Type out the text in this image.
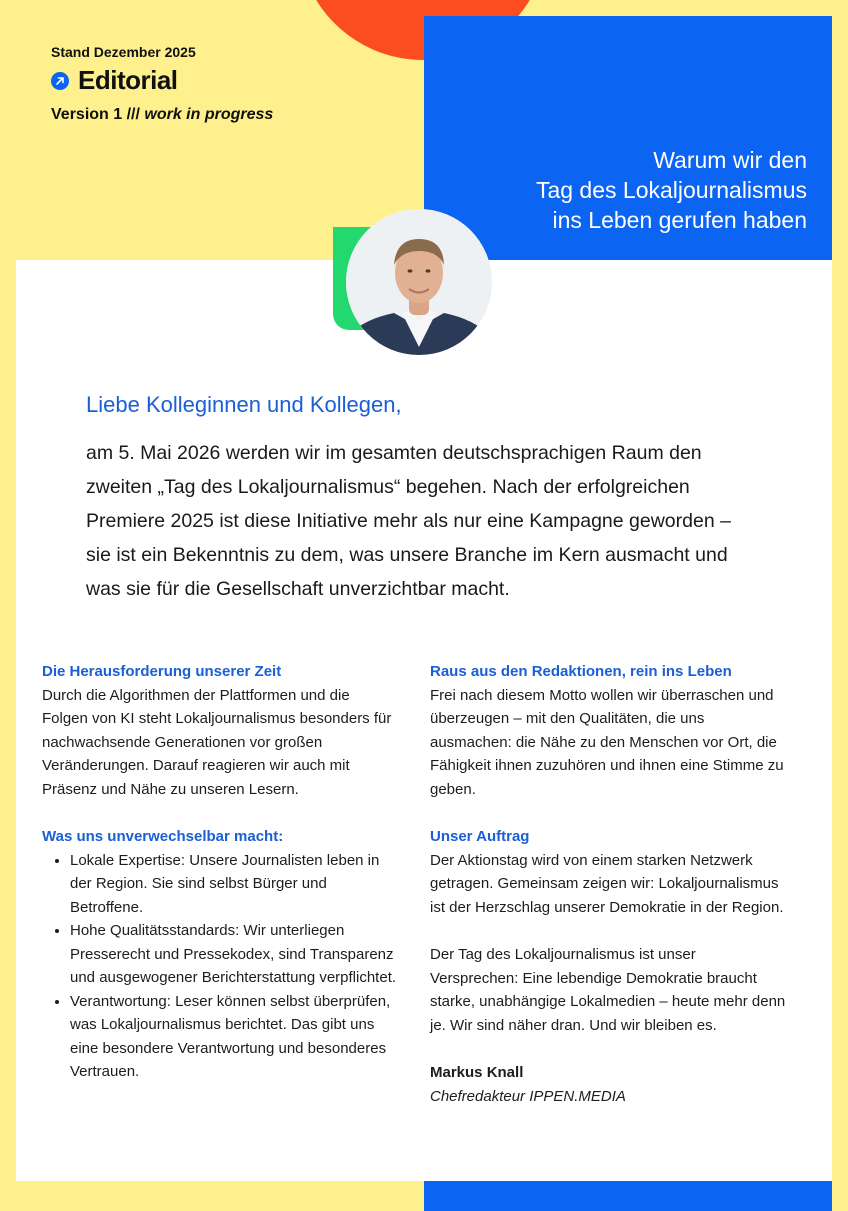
Stand Dezember 2025

Editorial
Version 1 /// work in progress
Warum wir den
Tag des Lokaljournalismus
ins Leben gerufen haben
Liebe Kolleginnen und Kollegen,
am 5. Mai 2026 werden wir im gesamten deutschsprachigen Raum den zweiten „Tag des Lokaljournalismus“ begehen. Nach der erfolgreichen Premiere 2025 ist diese Initiative mehr als nur eine Kampagne geworden – sie ist ein Bekenntnis zu dem, was unsere Branche im Kern ausmacht und was sie für die Gesellschaft unverzichtbar macht.

Die Herausforderung unserer Zeit

Durch die Algorithmen der Plattformen und die Folgen von KI steht Lokaljournalismus besonders für nachwachsende Generationen vor großen Veränderungen. Darauf reagieren wir auch mit Präsenz und Nähe zu unseren Lesern.

Was uns unverwechselbar macht:

• Lokale Expertise: Unsere Journalisten leben in der Region. Sie sind selbst Bürger und Betroffene.
• Hohe Qualitätsstandards: Wir unterliegen Presserecht und Pressekodex, sind Transparenz und ausgewogener Berichterstattung verpflichtet.
• Verantwortung: Leser können selbst überprüfen, was Lokaljournalismus berichtet. Das gibt uns eine besondere Verantwortung und besonderes Vertrauen.

Raus aus den Redaktionen, rein ins Leben

Frei nach diesem Motto wollen wir überraschen und überzeugen – mit den Qualitäten, die uns ausmachen: die Nähe zu den Menschen vor Ort, die Fähigkeit ihnen zuzuhören und ihnen eine Stimme zu geben.

Unser Auftrag

Der Aktionstag wird von einem starken Netzwerk getragen. Gemeinsam zeigen wir: Lokaljournalismus ist der Herzschlag unserer Demokratie in der Region.

Der Tag des Lokaljournalismus ist unser Versprechen: Eine lebendige Demokratie braucht starke, unabhängige Lokalmedien – heute mehr denn je. Wir sind näher dran. Und wir bleiben es.

Markus Knall
Chefredakteur IPPEN.MEDIA
